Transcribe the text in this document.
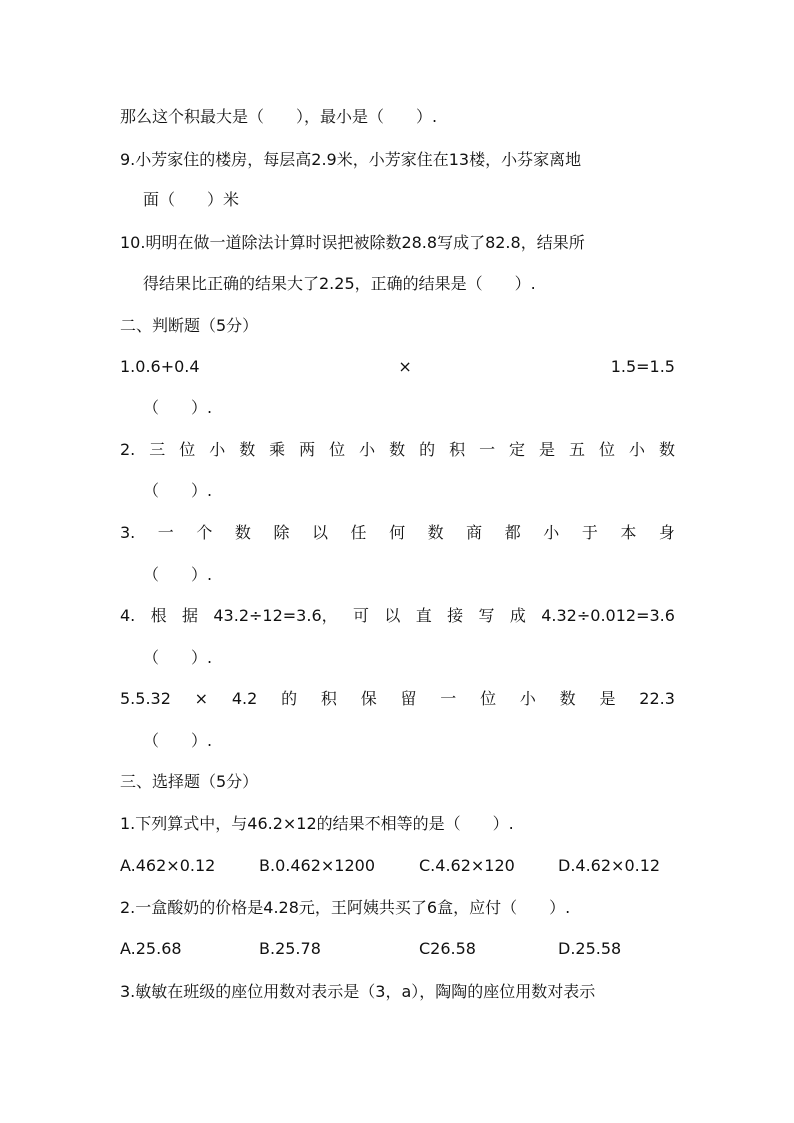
那么这个积最大是（　　），最小是（　　）.
9.小芳家住的楼房，每层高2.9米，小芳家住在13楼，小芬家离地
面（　　）米
10.明明在做一道除法计算时误把被除数28.8写成了82.8，结果所
得结果比正确的结果大了2.25，正确的结果是（　　）.
二、判断题（5分）
1.0.6+0.4	×	1.5=1.5
（　　）.
2. 三 位 小 数 乘 两 位 小 数 的 积 一 定 是 五 位 小 数
（　　）.
3. 一 个 数 除 以 任 何 数 商 都 小 于 本 身
（　　）.
4. 根 据 43.2÷12=3.6， 可 以 直 接 写 成 4.32÷0.012=3.6
（　　）.
5.5.32 × 4.2 的 积 保 留 一 位 小 数 是 22.3
（　　）.
三、选择题（5分）
1.下列算式中，与46.2×12的结果不相等的是（　　）.
A.462×0.12	B.0.462×1200	C.4.62×120	D.4.62×0.12
2.一盒酸奶的价格是4.28元，王阿姨共买了6盒，应付（　　）.
A.25.68	B.25.78	C26.58	D.25.58
3.敏敏在班级的座位用数对表示是（3，a），陶陶的座位用数对表示
